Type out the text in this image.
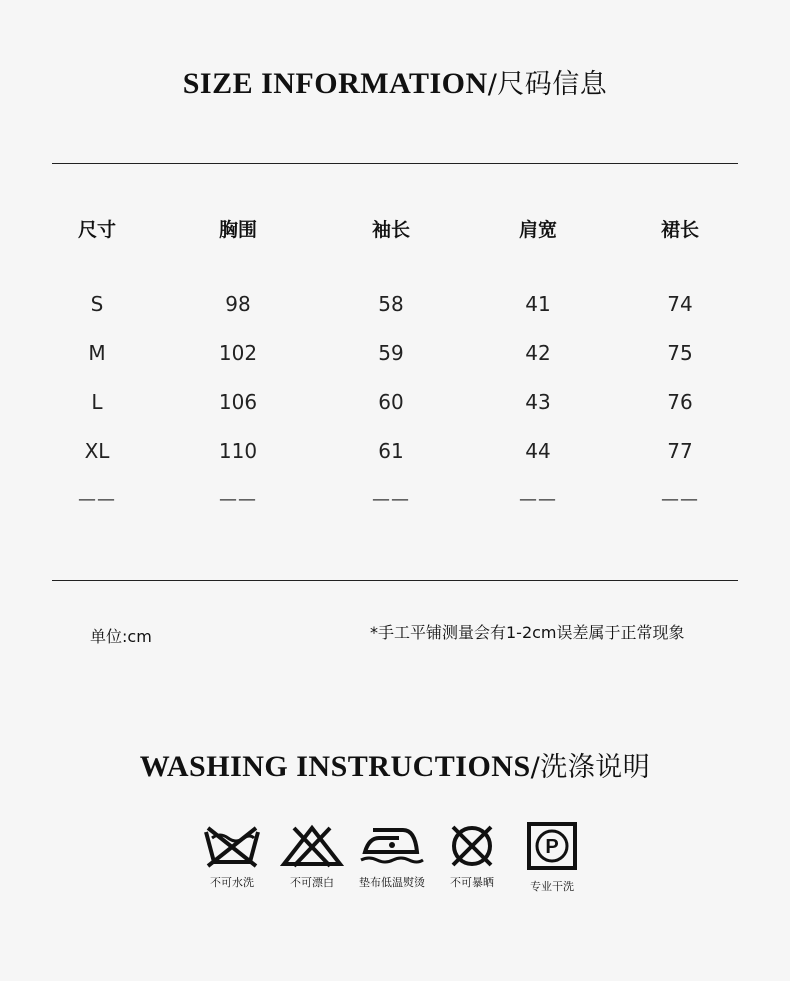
SIZE INFORMATION/尺码信息
尺寸	胸围	袖长	肩宽	裙长
S	98	58	41	74
M	102	59	42	75
L	106	60	43	76
XL	110	61	44	77
——	——	——	——	——
单位:cm	*手工平铺测量会有1-2cm误差属于正常现象
WASHING INSTRUCTIONS/洗涤说明
不可水洗	不可漂白	垫布低温熨烫	不可暴晒
P
专业干洗
